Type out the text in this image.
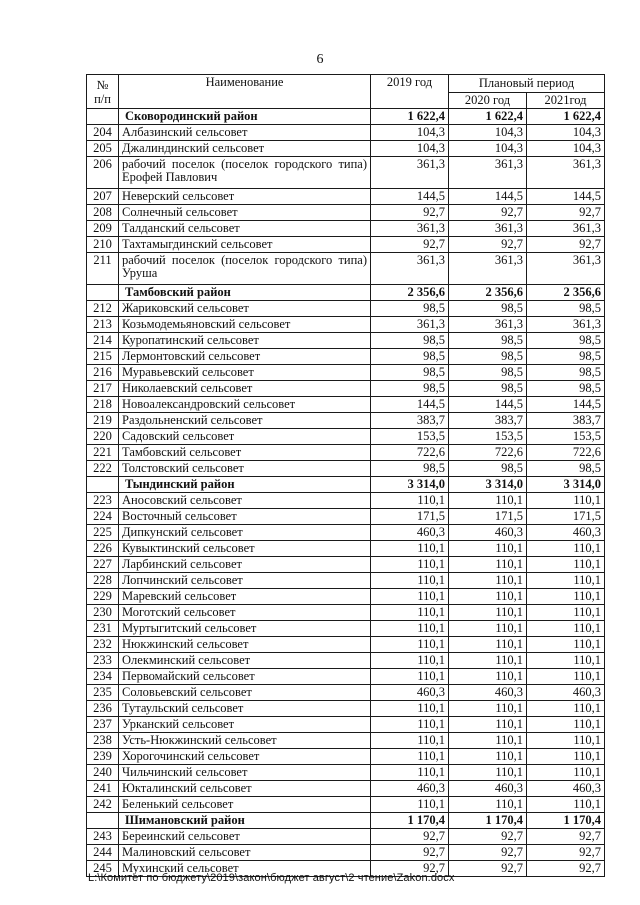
6
№
п/п	Наименование	2019 год	Плановый период	
			2020 год	2021год
	Сковородинский район	1 622,4	1 622,4	1 622,4
204	Албазинский сельсовет	104,3	104,3	104,3
205	Джалиндинский сельсовет	104,3	104,3	104,3
206	рабочий поселок (поселок городского типа) Ерофей Павлович	361,3	361,3	361,3
207	Неверский сельсовет	144,5	144,5	144,5
208	Солнечный сельсовет	92,7	92,7	92,7
209	Талданский сельсовет	361,3	361,3	361,3
210	Тахтамыгдинский сельсовет	92,7	92,7	92,7
211	рабочий поселок (поселок городского типа) Уруша	361,3	361,3	361,3
	Тамбовский район	2 356,6	2 356,6	2 356,6
212	Жариковский сельсовет	98,5	98,5	98,5
213	Козьмодемьяновский сельсовет	361,3	361,3	361,3
214	Куропатинский сельсовет	98,5	98,5	98,5
215	Лермонтовский сельсовет	98,5	98,5	98,5
216	Муравьевский сельсовет	98,5	98,5	98,5
217	Николаевский сельсовет	98,5	98,5	98,5
218	Новоалександровский сельсовет	144,5	144,5	144,5
219	Раздольненский сельсовет	383,7	383,7	383,7
220	Садовский сельсовет	153,5	153,5	153,5
221	Тамбовский сельсовет	722,6	722,6	722,6
222	Толстовский сельсовет	98,5	98,5	98,5
	Тындинский район	3 314,0	3 314,0	3 314,0
223	Аносовский сельсовет	110,1	110,1	110,1
224	Восточный сельсовет	171,5	171,5	171,5
225	Дипкунский сельсовет	460,3	460,3	460,3
226	Кувыктинский сельсовет	110,1	110,1	110,1
227	Ларбинский сельсовет	110,1	110,1	110,1
228	Лопчинский сельсовет	110,1	110,1	110,1
229	Маревский сельсовет	110,1	110,1	110,1
230	Моготский сельсовет	110,1	110,1	110,1
231	Муртыгитский сельсовет	110,1	110,1	110,1
232	Нюкжинский сельсовет	110,1	110,1	110,1
233	Олекминский сельсовет	110,1	110,1	110,1
234	Первомайский сельсовет	110,1	110,1	110,1
235	Соловьевский сельсовет	460,3	460,3	460,3
236	Тутаульский сельсовет	110,1	110,1	110,1
237	Урканский сельсовет	110,1	110,1	110,1
238	Усть-Нюкжинский сельсовет	110,1	110,1	110,1
239	Хорогочинский сельсовет	110,1	110,1	110,1
240	Чильчинский сельсовет	110,1	110,1	110,1
241	Юкталинский сельсовет	460,3	460,3	460,3
242	Беленький сельсовет	110,1	110,1	110,1
	Шимановский район	1 170,4	1 170,4	1 170,4
243	Береинский сельсовет	92,7	92,7	92,7
244	Малиновский сельсовет	92,7	92,7	92,7
245	Мухинский сельсовет	92,7	92,7	92,7
L:\Комитет по бюджету\2019\закон\бюджет август\2 чтение\Zakon.docx
